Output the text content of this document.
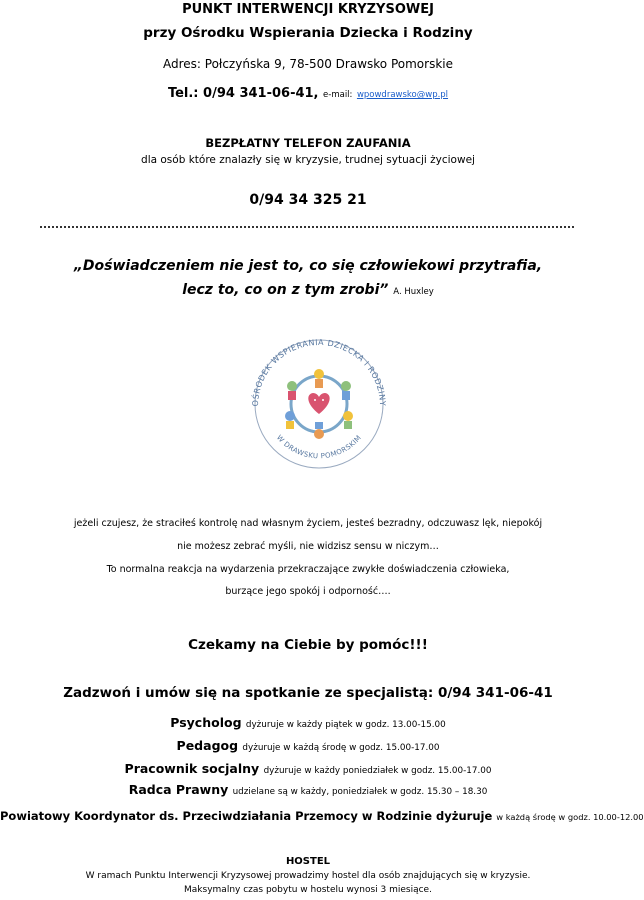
PUNKT INTERWENCJI KRYZYSOWEJ
przy Ośrodku Wspierania Dziecka i Rodziny
Adres: Połczyńska 9, 78-500 Drawsko Pomorskie
Tel.: 0/94 341-06-41, e-mail: wpowdrawsko@wp.pl
BEZPŁATNY TELEFON ZAUFANIA
dla osób które znalazły się w kryzysie, trudnej sytuacji życiowej
0/94 34 325 21
„Doświadczeniem nie jest to, co się człowiekowi przytrafia,
lecz to, co on z tym zrobi” A. Huxley
OŚRODEK WSPIERANIA DZIECKA I RODZINY
W DRAWSKU POMORSKIM
jeżeli czujesz, że straciłeś kontrolę nad własnym życiem, jesteś bezradny, odczuwasz lęk, niepokój
nie możesz zebrać myśli, nie widzisz sensu w niczym…
To normalna reakcja na wydarzenia przekraczające zwykłe doświadczenia człowieka,
burzące jego spokój i odporność….
Czekamy na Ciebie by pomóc!!!
Zadzwoń i umów się na spotkanie ze specjalistą: 0/94 341-06-41
Psycholog dyżuruje w każdy piątek w godz. 13.00-15.00
Pedagog dyżuruje w każdą środę w godz. 15.00-17.00
Pracownik socjalny dyżuruje w każdy poniedziałek w godz. 15.00-17.00
Radca Prawny udzielane są w każdy, poniedziałek w godz. 15.30 – 18.30
Powiatowy Koordynator ds. Przeciwdziałania Przemocy w Rodzinie dyżuruje w każdą środę w godz. 10.00-12.00
HOSTEL
W ramach Punktu Interwencji Kryzysowej prowadzimy hostel dla osób znajdujących się w kryzysie.
Maksymalny czas pobytu w hostelu wynosi 3 miesiące.
